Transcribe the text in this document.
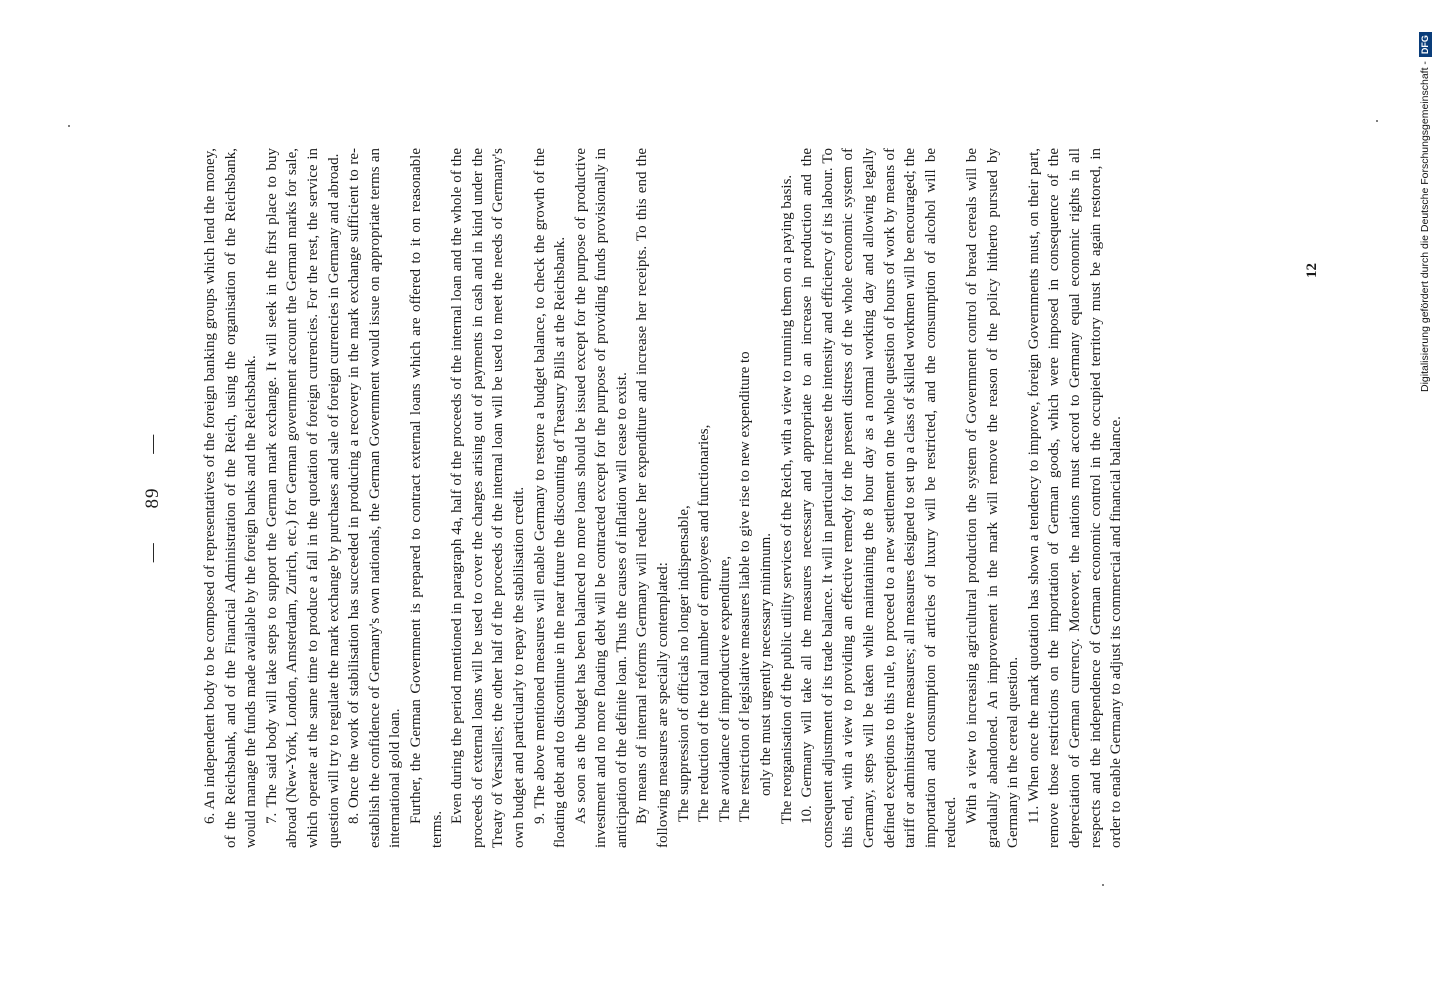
— 89 —	6. An independent body to be composed of representatives of the foreign banking groups which lend the money, of the Reichsbank, and of the Financial Administration of the Reich, using the organisation of the Reichsbank, would manage the funds made available by the foreign banks and the Reichsbank. 7. The said body will take steps to support the German mark exchange. It will seek in the first place to buy abroad (New-York, London, Amsterdam, Zurich, etc.) for German government account the German marks for sale, which operate at the same time to produce a fall in the quotation of foreign currencies. For the rest, the service in question will try to regulate the mark exchange by purchases and sale of foreign currencies in Germany and abroad. 8. Once the work of stabilisation has succeeded in producing a recovery in the mark exchange sufficient to re-establish the confidence of Germany's own nationals, the German Government would issue on appropriate terms an international gold loan. Further, the German Government is prepared to contract external loans which are offered to it on reasonable terms.

Even during the period mentioned in paragraph 4a, half of the proceeds of the internal loan and the whole of the proceeds of external loans will be used to cover the charges arising out of payments in cash and in kind under the Treaty of Versailles; the other half of the proceeds of the internal loan will be used to meet the needs of Germany's own budget and particularly to repay the stabilisation credit. 9. The above mentioned measures will enable Germany to restore a budget balance, to check the growth of the floating debt and to discontinue in the near future the discounting of Treasury Bills at the Reichsbank. As soon as the budget has been balanced no more loans should be issued except for the purpose of productive investment and no more floating debt will be contracted except for the purpose of providing funds provisionally in anticipation of the definite loan. Thus the causes of inflation will cease to exist. By means of internal reforms Germany will reduce her expenditure and increase her receipts. To this end the following measures are specially contemplated: The suppression of officials no longer indispensable, The reduction of the total number of employees and functionaries, The avoidance of improductive expenditure, The restriction of legislative measures liable to give rise to new expenditure to only the must urgently necessary minimum. The reorganisation of the public utility services of the Reich, with a view to running them on a paying basis. 10. Germany will take all the measures necessary and appropriate to an increase in production and the consequent adjustment of its trade balance. It will in particular increase the intensity and efficiency of its labour. To this end, with a view to providing an effective remedy for the present distress of the whole economic system of Germany, steps will be taken while maintaining the 8 hour day as a normal working day and allowing legally defined exceptions to this rule, to proceed to a new settlement on the whole question of hours of work by means of tariff or administrative measures; all measures designed to set up a class of skilled workmen will be encouraged; the importation and consumption of articles of luxury will be restricted, and the consumption of alcohol will be reduced. With a view to increasing agricultural production the system of Government control of bread cereals will be gradually abandoned. An improvement in the mark will remove the reason of the policy hitherto pursued by Germany in the cereal question. 11. When once the mark quotation has shown a tendency to improve, foreign Governments must, on their part, remove those restrictions on the importation of German goods, which were imposed in consequence of the depreciation of German currency. Moreover, the nations must accord to Germany equal economic rights in all respects and the independence of German economic control in the occupied territory must be again restored, in order to enable Germany to adjust its commercial and financial balance.

12	Digitalisierung gefördert durch die Deutsche Forschungsgemeinschaft -DFG
